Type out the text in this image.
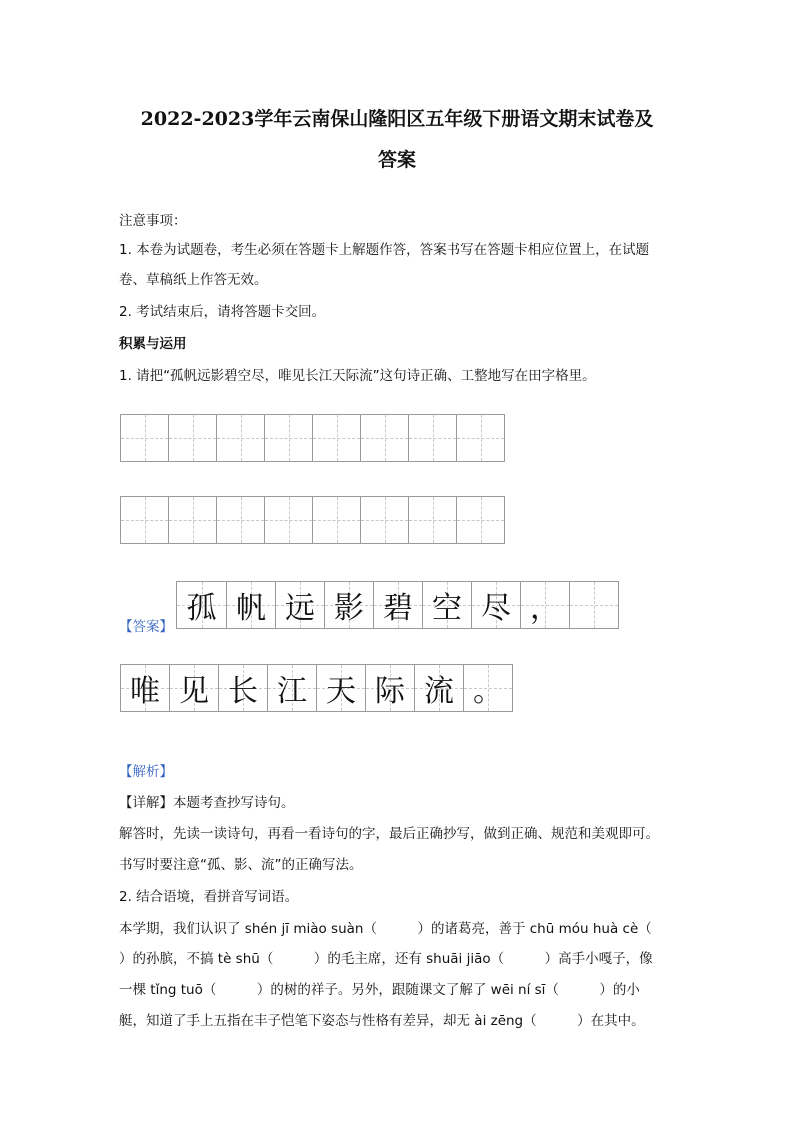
2022-2023学年云南保山隆阳区五年级下册语文期末试卷及
答案
注意事项：
1. 本卷为试题卷，考生必须在答题卡上解题作答，答案书写在答题卡相应位置上，在试题
卷、草稿纸上作答无效。
2. 考试结束后，请将答题卡交回。
积累与运用
1. 请把“孤帆远影碧空尽，唯见长江天际流”这句诗正确、工整地写在田字格里。
【答案】
孤 帆 远 影 碧 空 尽 ，
唯 见 长 江 天 际 流 。
【解析】
【详解】本题考查抄写诗句。
解答时，先读一读诗句，再看一看诗句的字，最后正确抄写，做到正确、规范和美观即可。
书写时要注意“孤、影、流”的正确写法。
2. 结合语境，看拼音写词语。
本学期，我们认识了 shén jī miào suàn（　　　）的诸葛亮，善于 chū móu huà cè（
）的孙膑，不搞 tè shū（　　　）的毛主席，还有 shuāi jiāo（　　　）高手小嘎子，像
一棵 tǐng tuō（　　　）的树的祥子。另外，跟随课文了解了 wēi ní sī（　　　）的小
艇，知道了手上五指在丰子恺笔下姿态与性格有差异，却无 ài zēng（　　　）在其中。
